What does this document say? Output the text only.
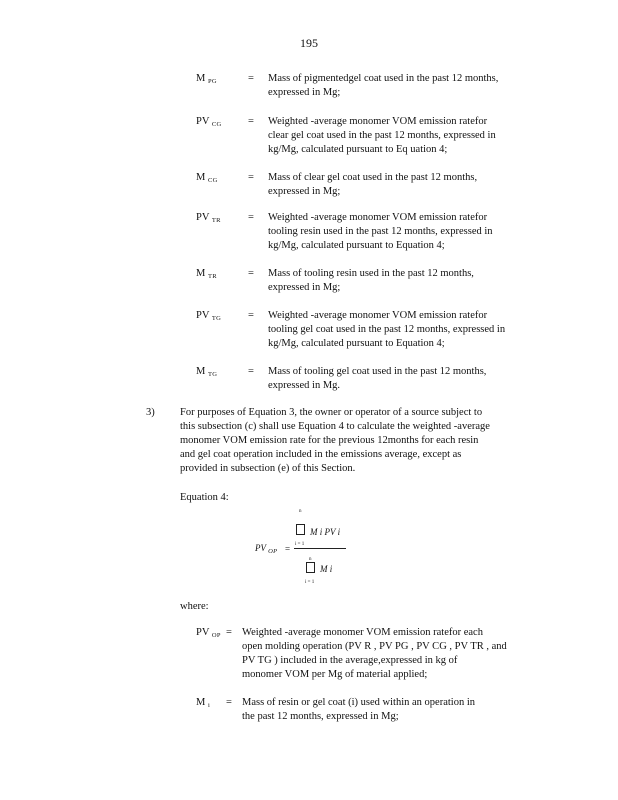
195
M $_{PG}$	= Mass of pigmentedgel coat used in the past 12 months,
expressed in Mg;
PV $_{CG}$	= Weighted -average monomer VOM emission ratefor
clear gel coat used in the past 12 months, expressed in
kg/Mg, calculated pursuant to Eq uation 4;
M $_{CG}$	= Mass of clear gel coat used in the past 12 months,
expressed in Mg;
PV $_{TR}$	= Weighted -average monomer VOM emission ratefor
tooling resin used in the past 12 months, expressed in
kg/Mg, calculated pursuant to Equation 4;
M $_{TR}$	= Mass of tooling resin used in the past 12 months,
expressed in Mg;
PV $_{TG}$	= Weighted -average monomer VOM emission ratefor
tooling gel coat used in the past 12 months, expressed in
kg/Mg, calculated pursuant to Equation 4;
M $_{TG}$	= Mass of tooling gel coat used in the past 12 months,
expressed in Mg.
3) For purposes of Equation 3, the owner or operator of a source subject to
this subsection (c) shall use Equation 4 to calculate the weighted -average
monomer VOM emission rate for the previous 12months for each resin
and gel coat operation included in the emissions average, except as
provided in subsection (e) of this Section.
Equation 4:
PV $_{OP}$ =
n
M i PV i
i = 1
n
M i
i = 1
where:
PV $_{OP}$ = Weighted -average monomer VOM emission ratefor each
open molding operation (PV R , PV PG , PV CG , PV TR , and
PV TG ) included in the average,expressed in kg of
monomer VOM per Mg of material applied;
M $_i$ = Mass of resin or gel coat (i) used within an operation in
the past 12 months, expressed in Mg;
